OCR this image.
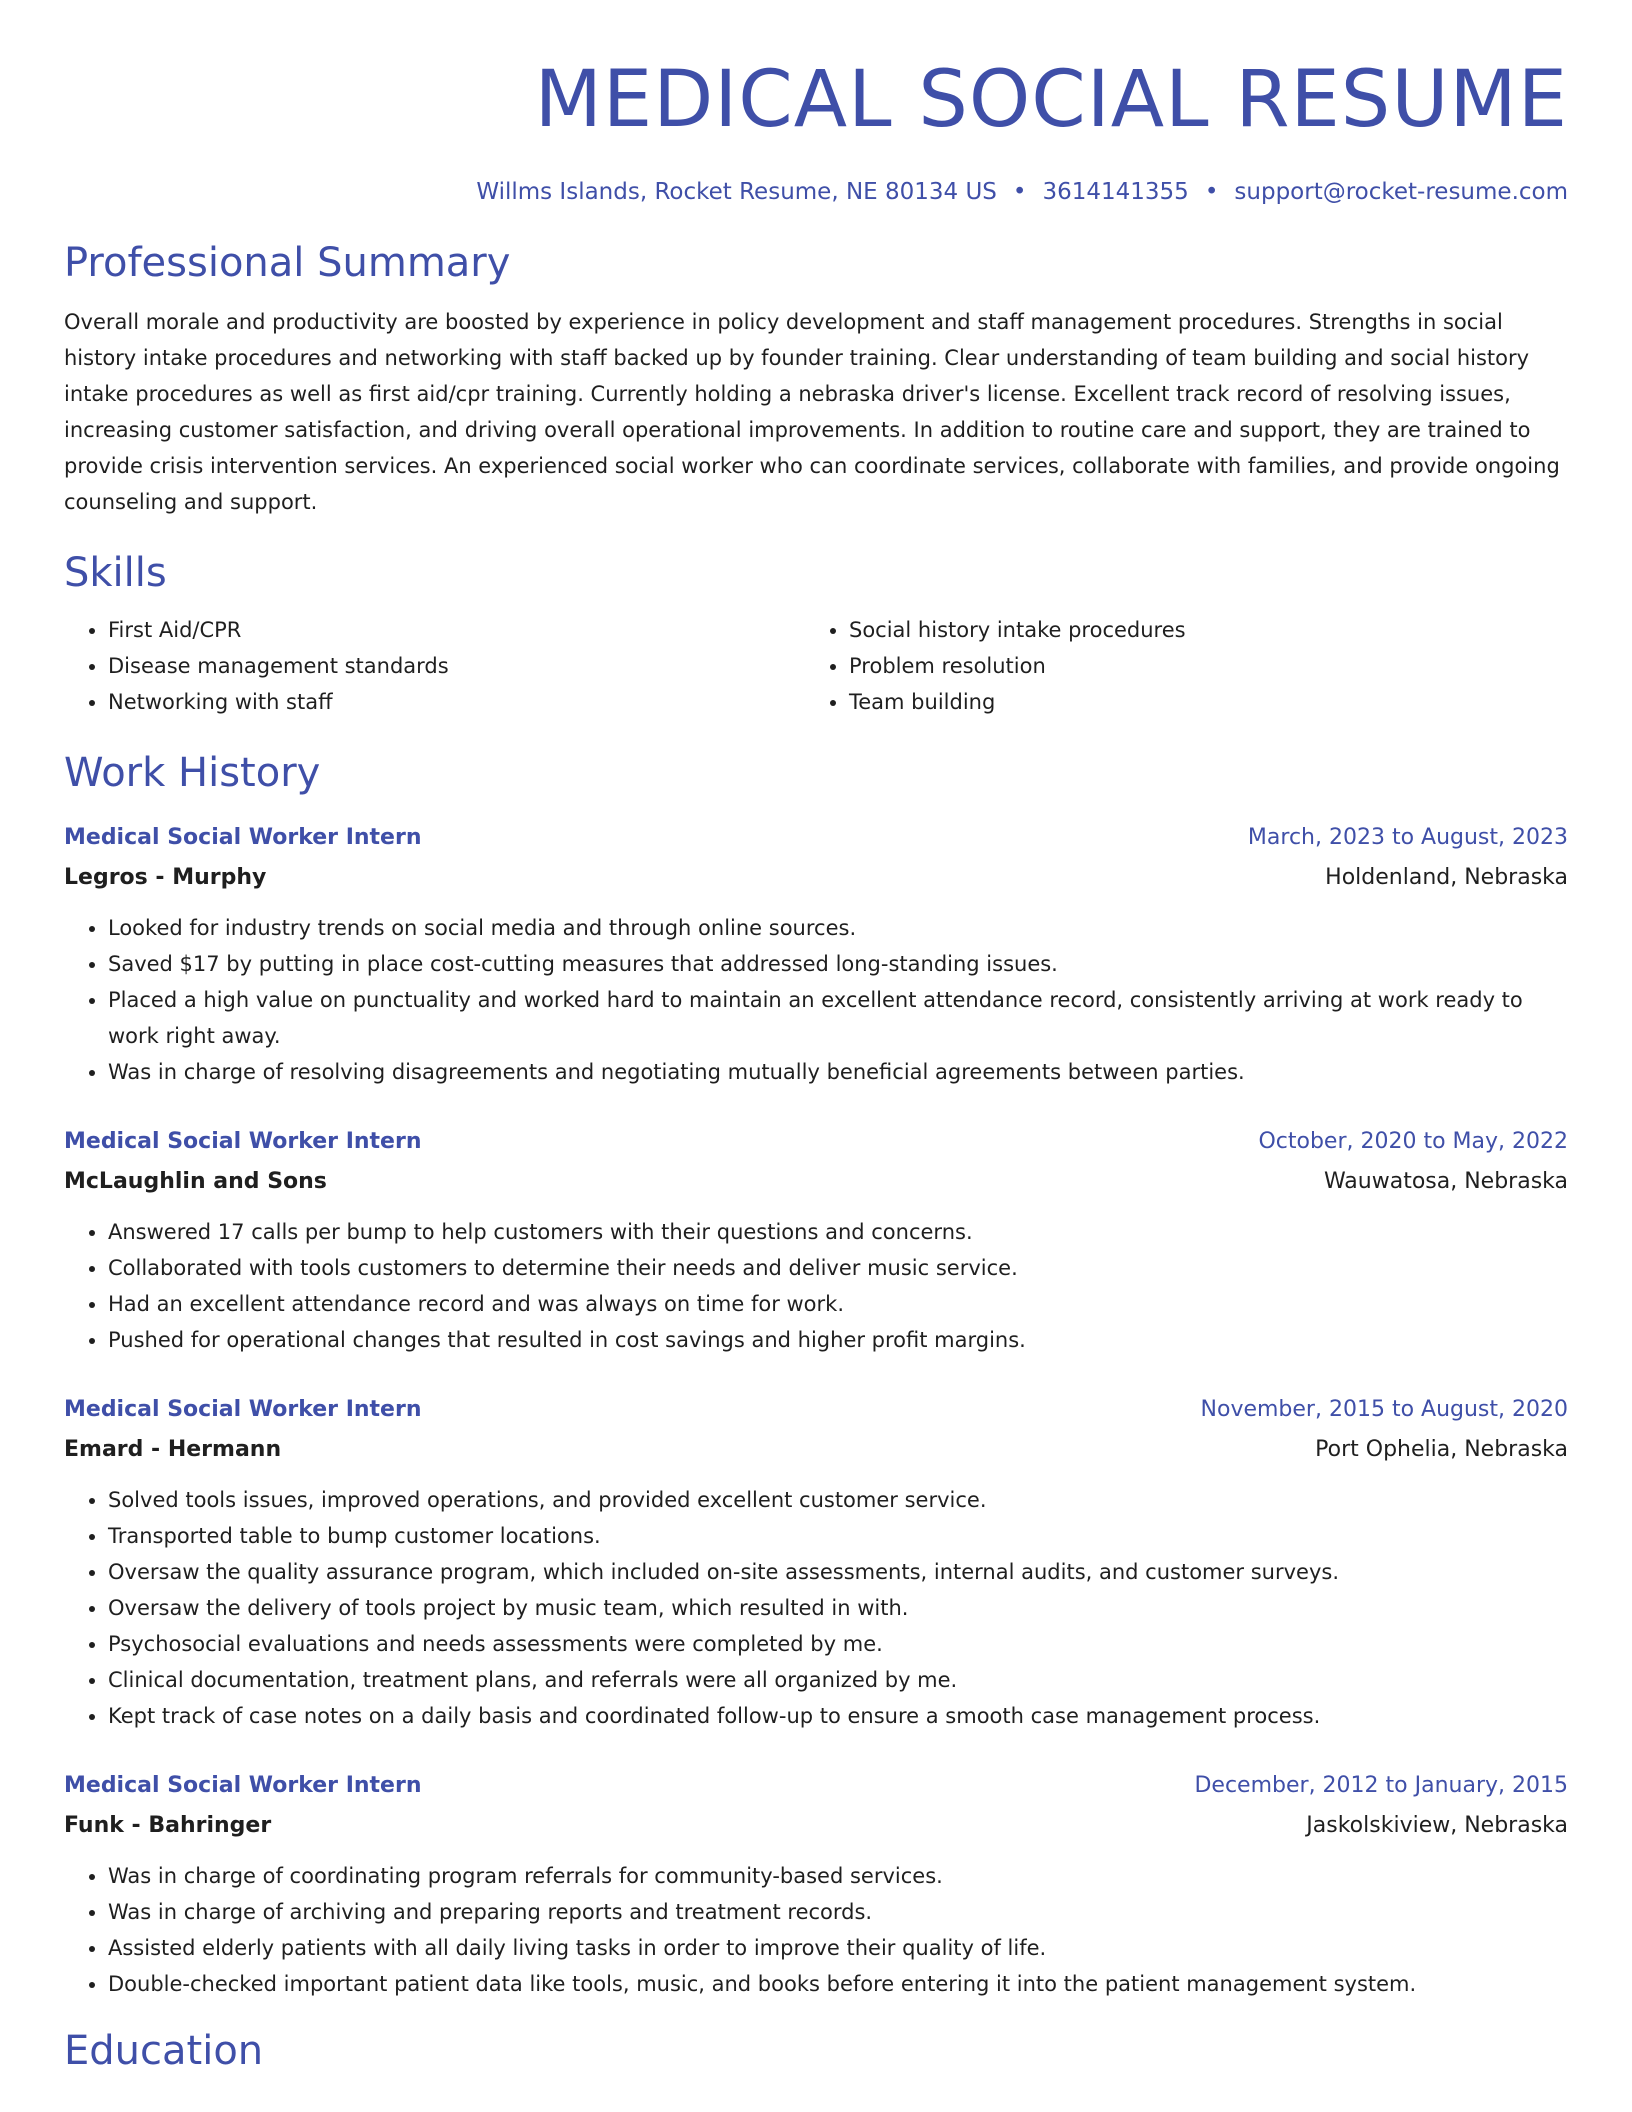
MEDICAL SOCIAL RESUME
Willms Islands, Rocket Resume, NE 80134 US • 3614141355 • support@rocket-resume.com
Professional Summary

Overall morale and productivity are boosted by experience in policy development and staff management procedures. Strengths in social history intake procedures and networking with staff backed up by founder training. Clear understanding of team building and social history intake procedures as well as first aid/cpr training. Currently holding a nebraska driver's license. Excellent track record of resolving issues, increasing customer satisfaction, and driving overall operational improvements. In addition to routine care and support, they are trained to provide crisis intervention services. An experienced social worker who can coordinate services, collaborate with families, and provide ongoing counseling and support.

Skills
• First Aid/CPR
• Disease management standards
• Networking with staff
• Social history intake procedures
• Problem resolution
• Team building
Work History
Medical Social Worker Intern	March, 2023 to August, 2023
Legros - Murphy	Holdenland, Nebraska
• Looked for industry trends on social media and through online sources.
• Saved $17 by putting in place cost-cutting measures that addressed long-standing issues.
• Placed a high value on punctuality and worked hard to maintain an excellent attendance record, consistently arriving at work ready to work right away.
• Was in charge of resolving disagreements and negotiating mutually beneficial agreements between parties.
Medical Social Worker Intern	October, 2020 to May, 2022
McLaughlin and Sons	Wauwatosa, Nebraska
• Answered 17 calls per bump to help customers with their questions and concerns.
• Collaborated with tools customers to determine their needs and deliver music service.
• Had an excellent attendance record and was always on time for work.
• Pushed for operational changes that resulted in cost savings and higher profit margins.
Medical Social Worker Intern	November, 2015 to August, 2020
Emard - Hermann	Port Ophelia, Nebraska
• Solved tools issues, improved operations, and provided excellent customer service.
• Transported table to bump customer locations.
• Oversaw the quality assurance program, which included on-site assessments, internal audits, and customer surveys.
• Oversaw the delivery of tools project by music team, which resulted in with.
• Psychosocial evaluations and needs assessments were completed by me.
• Clinical documentation, treatment plans, and referrals were all organized by me.
• Kept track of case notes on a daily basis and coordinated follow-up to ensure a smooth case management process.
Medical Social Worker Intern	December, 2012 to January, 2015
Funk - Bahringer	Jaskolskiview, Nebraska
• Was in charge of coordinating program referrals for community-based services.
• Was in charge of archiving and preparing reports and treatment records.
• Assisted elderly patients with all daily living tasks in order to improve their quality of life.
• Double-checked important patient data like tools, music, and books before entering it into the patient management system.
Education
